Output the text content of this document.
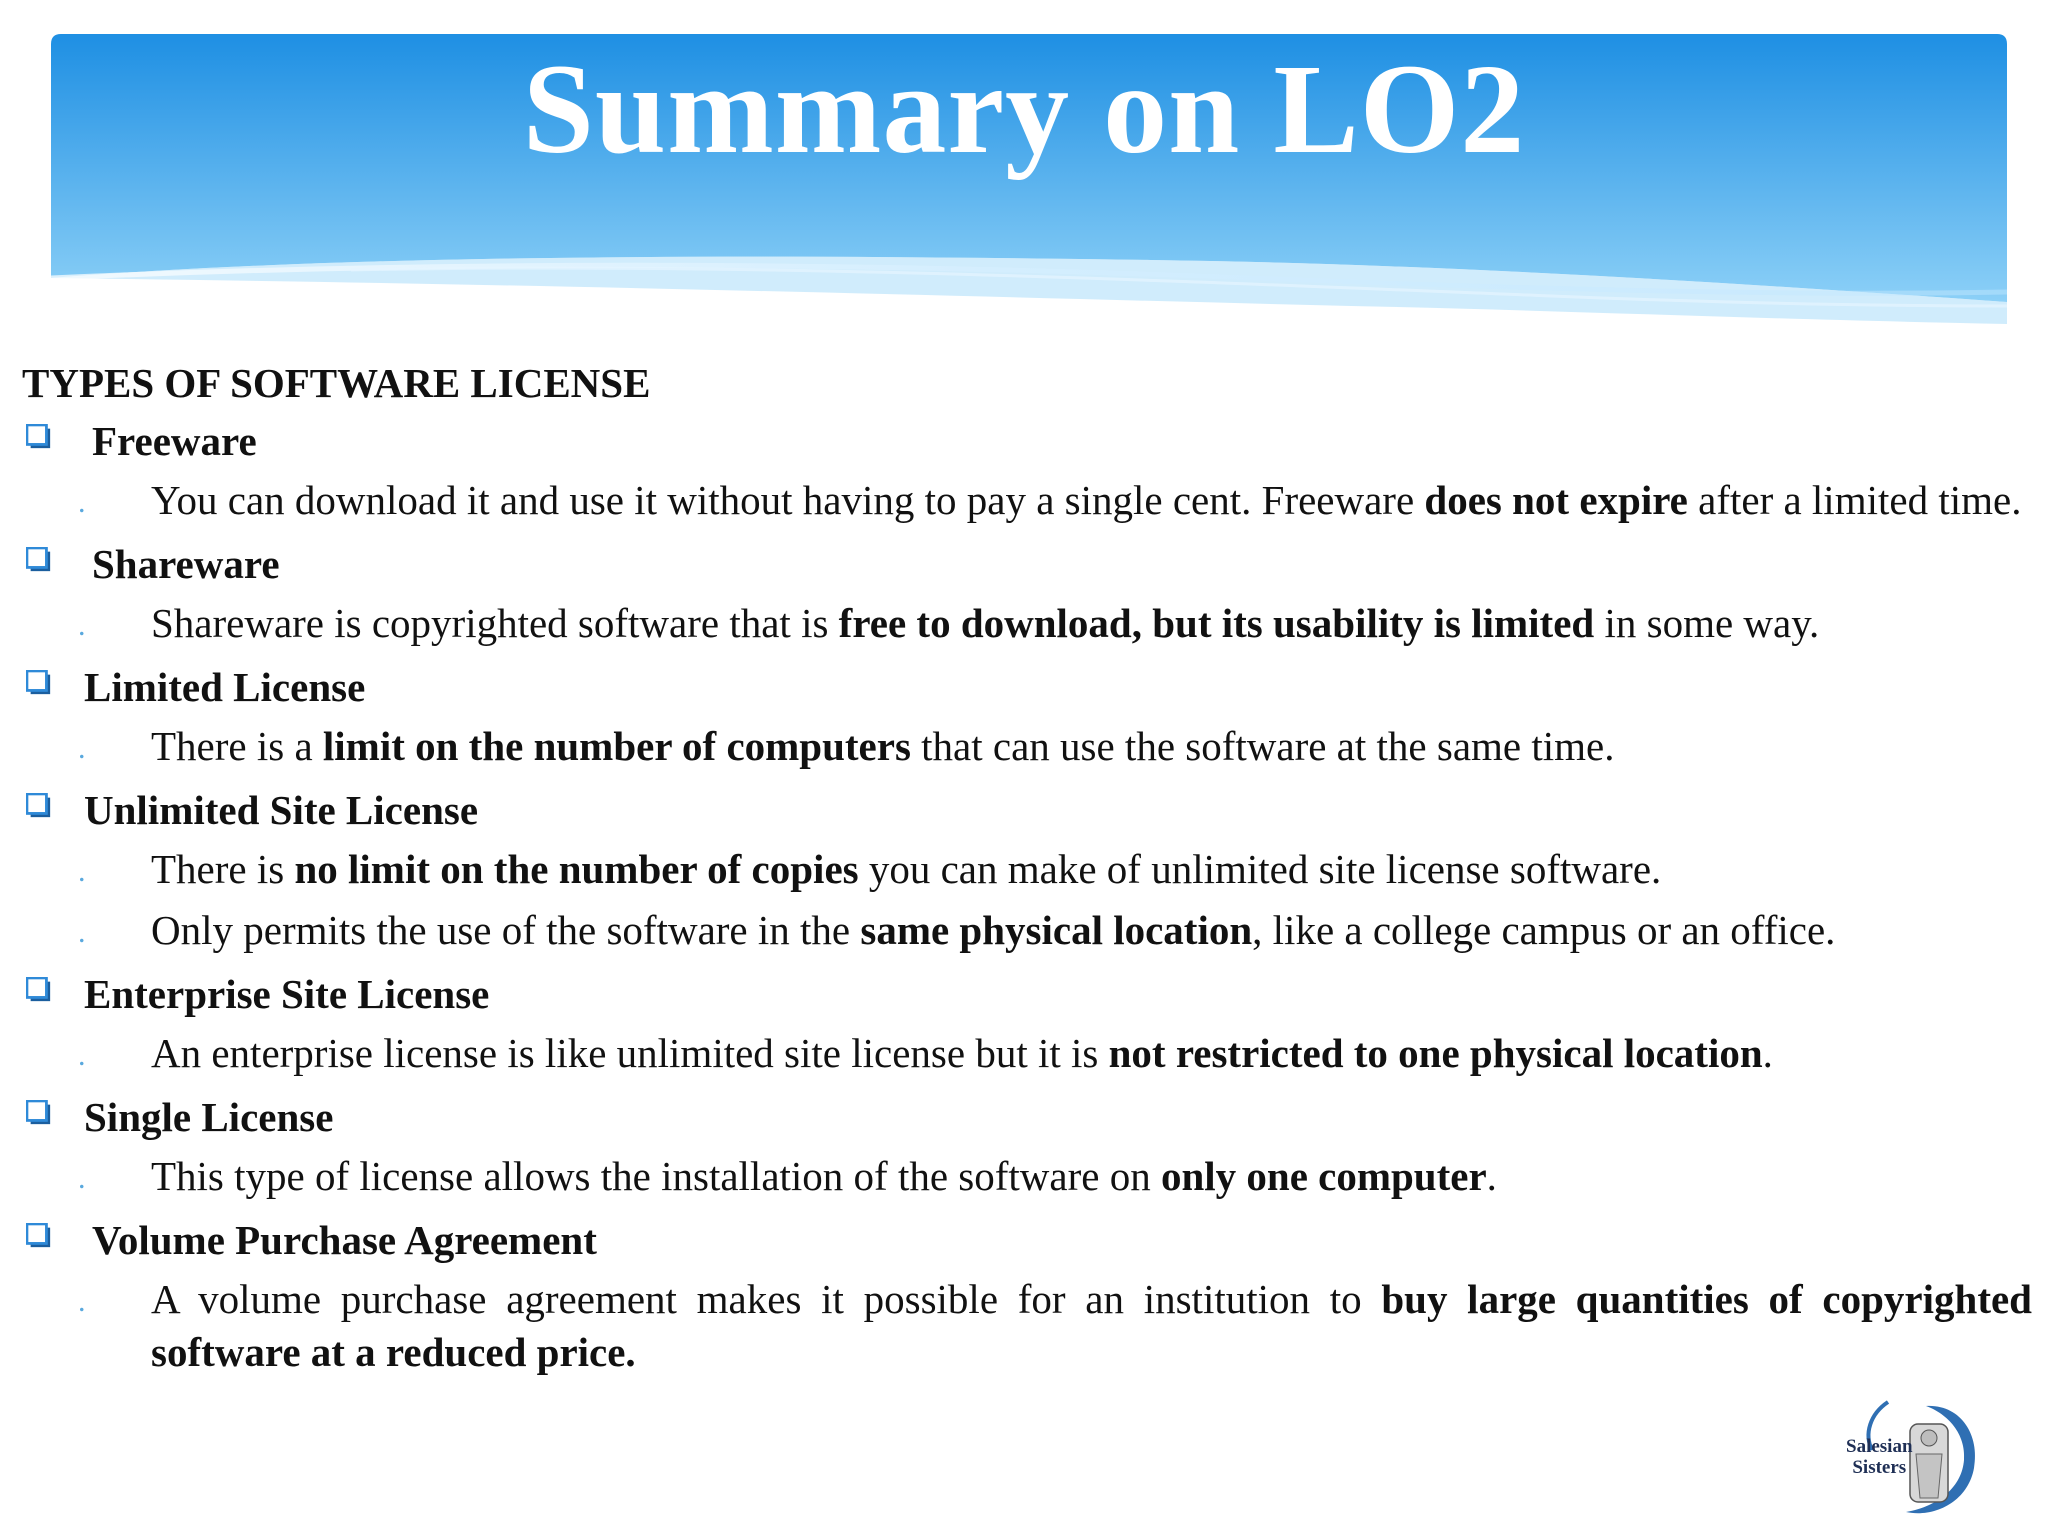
Summary on LO2

TYPES OF SOFTWARE LICENSE

Freeware
. You can download it and use it without having to pay a single cent. Freeware does not expire after a limited time.
Shareware
. Shareware is copyrighted software that is free to download, but its usability is limited in some way.
Limited License
. There is a limit on the number of computers that can use the software at the same time.
Unlimited Site License
. There is no limit on the number of copies you can make of unlimited site license software.
. Only permits the use of the software in the same physical location, like a college campus or an office.
Enterprise Site License
. An enterprise license is like unlimited site license but it is not restricted to one physical location.
Single License
. This type of license allows the installation of the software on only one computer.
Volume Purchase Agreement
. A volume purchase agreement makes it possible for an institution to buy large quantities of copyrighted software at a reduced price.
Salesian
Sisters
